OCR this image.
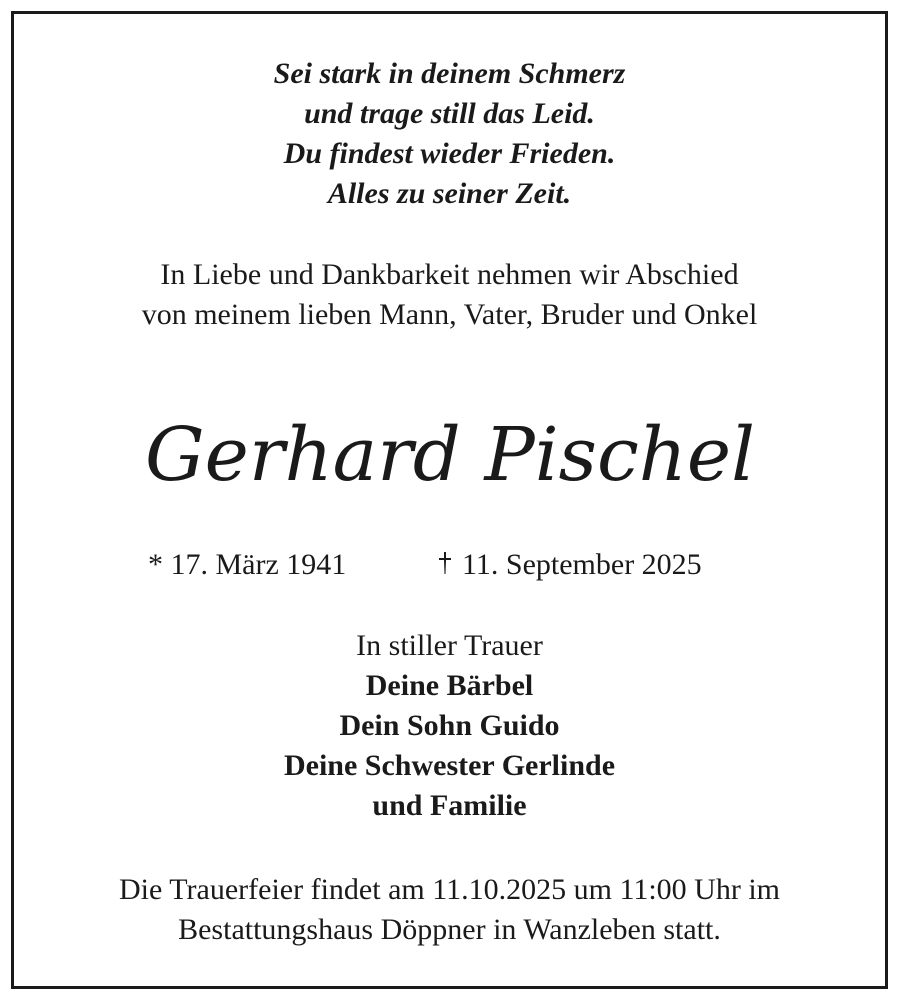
Sei stark in deinem Schmerz
und trage still das Leid.
Du findest wieder Frieden.
Alles zu seiner Zeit.
In Liebe und Dankbarkeit nehmen wir Abschied
von meinem lieben Mann, Vater, Bruder und Onkel
Gerhard Pischel
* 17. März 1941	11. September 2025
In stiller Trauer
Deine Bärbel
Dein Sohn Guido
Deine Schwester Gerlinde
und Familie
Die Trauerfeier findet am 11.10.2025 um 11:00 Uhr im
Bestattungshaus Döppner in Wanzleben statt.
